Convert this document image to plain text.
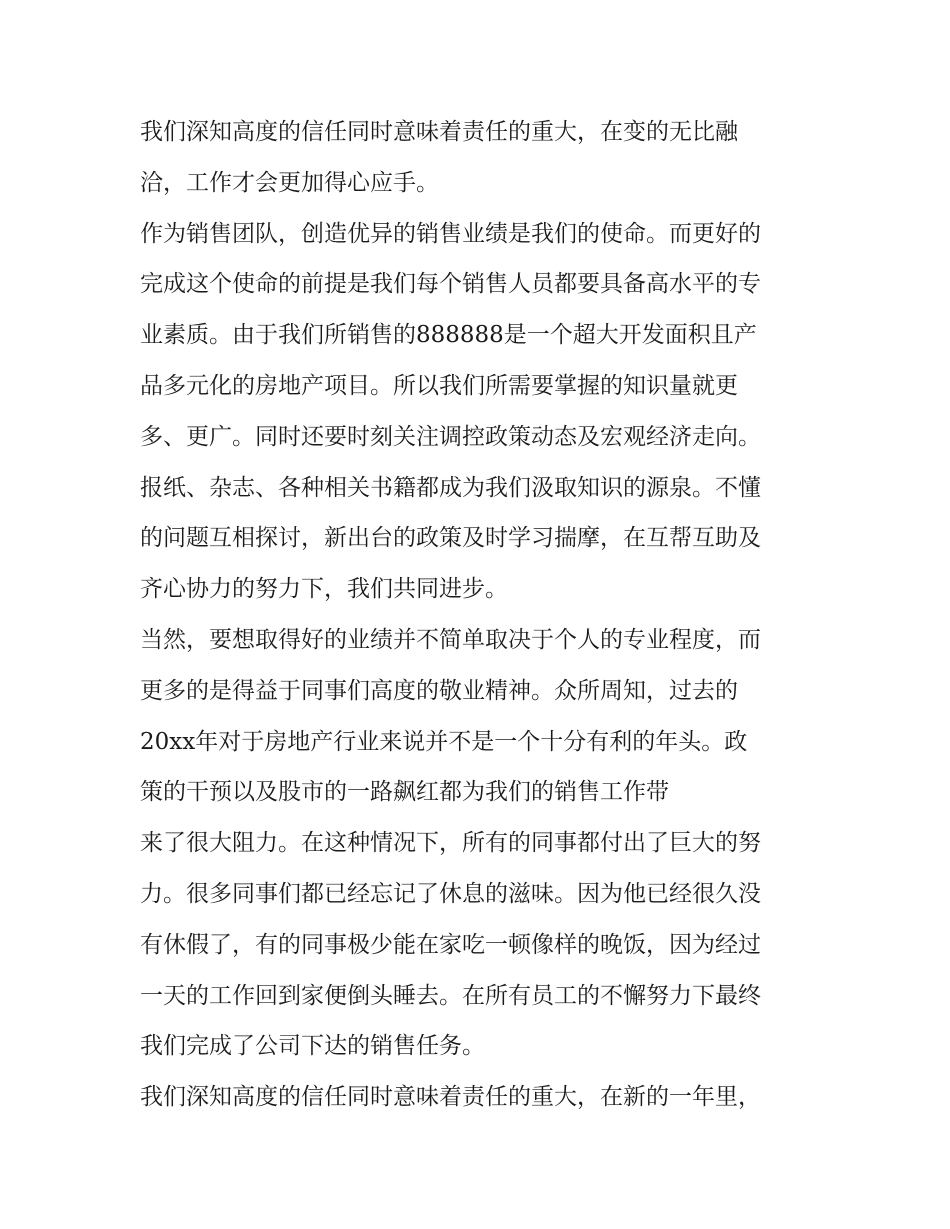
我们深知高度的信任同时意味着责任的重大，在变的无比融
洽，工作才会更加得心应手。
作为销售团队，创造优异的销售业绩是我们的使命。而更好的
完成这个使命的前提是我们每个销售人员都要具备高水平的专
业素质。由于我们所销售的888888是一个超大开发面积且产
品多元化的房地产项目。所以我们所需要掌握的知识量就更
多、更广。同时还要时刻关注调控政策动态及宏观经济走向。
报纸、杂志、各种相关书籍都成为我们汲取知识的源泉。不懂
的问题互相探讨，新出台的政策及时学习揣摩，在互帮互助及
齐心协力的努力下，我们共同进步。
当然，要想取得好的业绩并不简单取决于个人的专业程度，而
更多的是得益于同事们高度的敬业精神。众所周知，过去的
20xx年对于房地产行业来说并不是一个十分有利的年头。政
策的干预以及股市的一路飙红都为我们的销售工作带
来了很大阻力。在这种情况下，所有的同事都付出了巨大的努
力。很多同事们都已经忘记了休息的滋味。因为他已经很久没
有休假了，有的同事极少能在家吃一顿像样的晚饭，因为经过
一天的工作回到家便倒头睡去。在所有员工的不懈努力下最终
我们完成了公司下达的销售任务。
我们深知高度的信任同时意味着责任的重大，在新的一年里，
